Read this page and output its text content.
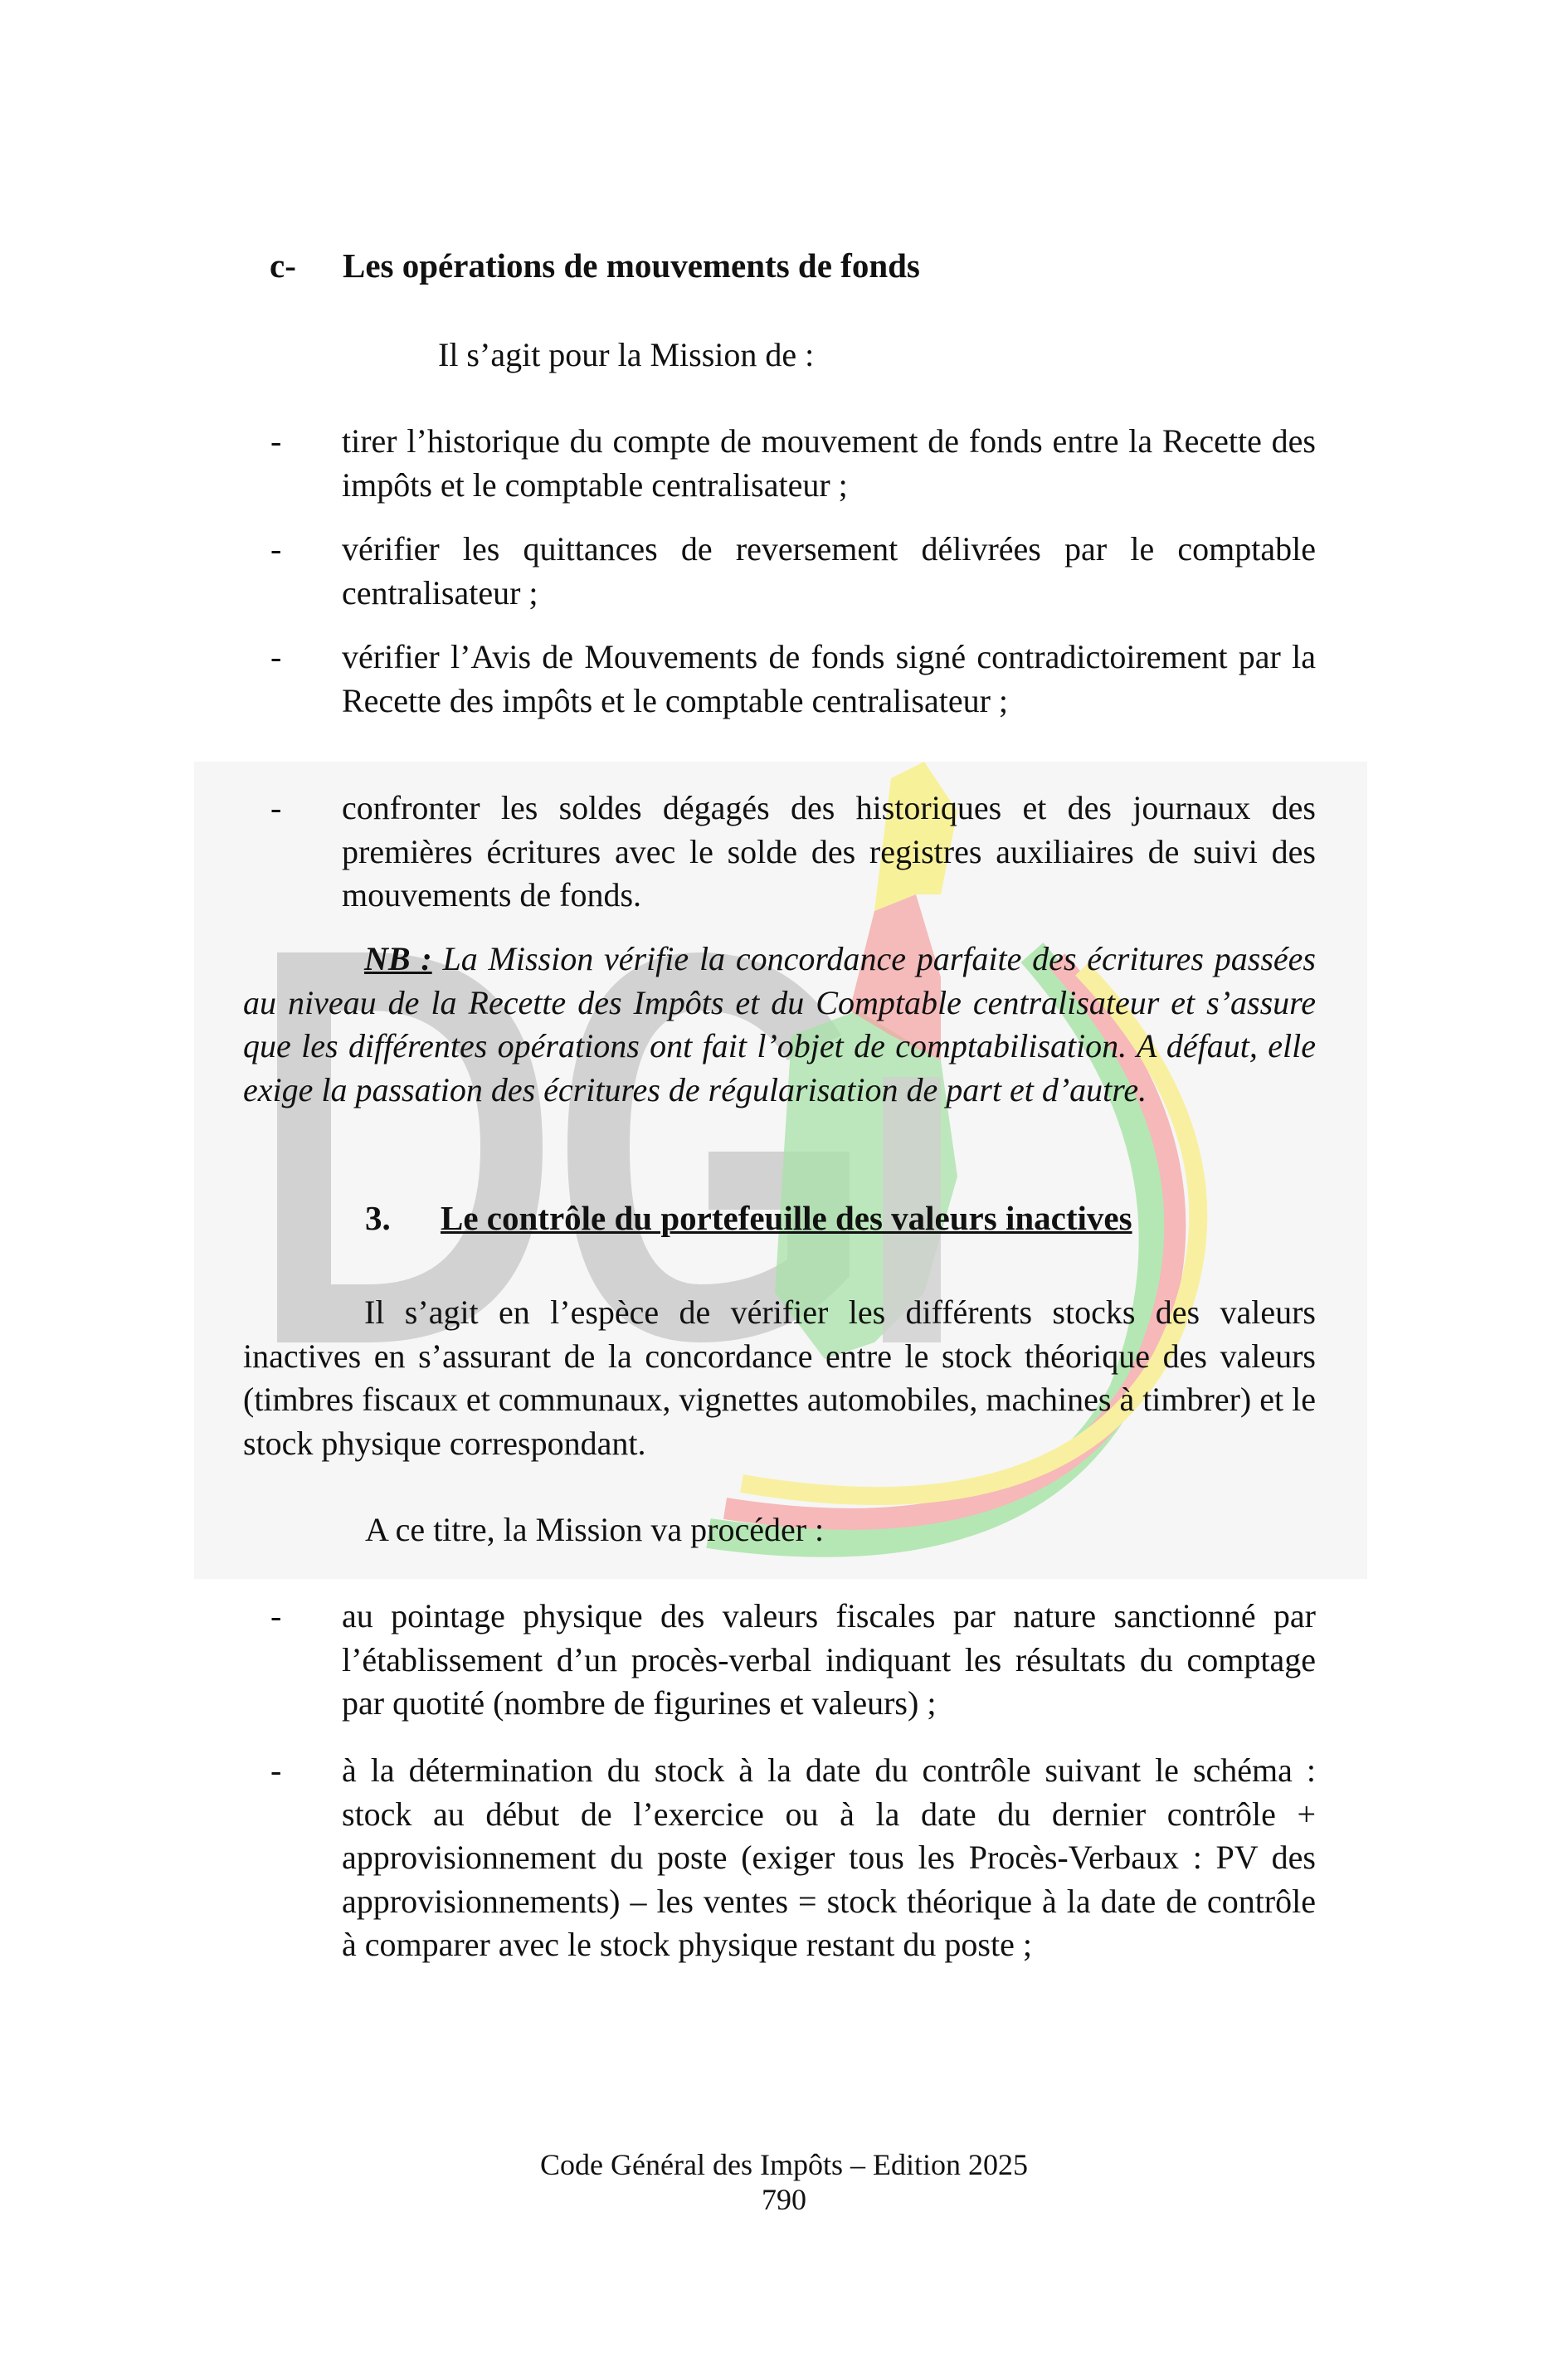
c- Les opérations de mouvements de fonds

Il s’agit pour la Mission de :

- tirer l’historique du compte de mouvement de fonds entre la Recette des impôts et le comptable centralisateur ;
- vérifier les quittances de reversement délivrées par le comptable centralisateur ;
- vérifier l’Avis de Mouvements de fonds signé contradictoirement par la Recette des impôts et le comptable centralisateur ;
- confronter les soldes dégagés des historiques et des journaux des premières écritures avec le solde des registres auxiliaires de suivi des mouvements de fonds.

NB : La Mission vérifie la concordance parfaite des écritures passées au niveau de la Recette des Impôts et du Comptable centralisateur et s’assure que les différentes opérations ont fait l’objet de comptabilisation. A défaut, elle exige la passation des écritures de régularisation de part et d’autre.

3. Le contrôle du portefeuille des valeurs inactives

Il s’agit en l’espèce de vérifier les différents stocks des valeurs inactives en s’assurant de la concordance entre le stock théorique des valeurs (timbres fiscaux et communaux, vignettes automobiles, machines à timbrer) et le stock physique correspondant.

A ce titre, la Mission va procéder :

- au pointage physique des valeurs fiscales par nature sanctionné par l’établissement d’un procès-verbal indiquant les résultats du comptage par quotité (nombre de figurines et valeurs) ;
- à la détermination du stock à la date du contrôle suivant le schéma : stock au début de l’exercice ou à la date du dernier contrôle + approvisionnement du poste (exiger tous les Procès-Verbaux : PV des approvisionnements) – les ventes = stock théorique à la date de contrôle à comparer avec le stock physique restant du poste ;
Code Général des Impôts – Edition 2025
790
